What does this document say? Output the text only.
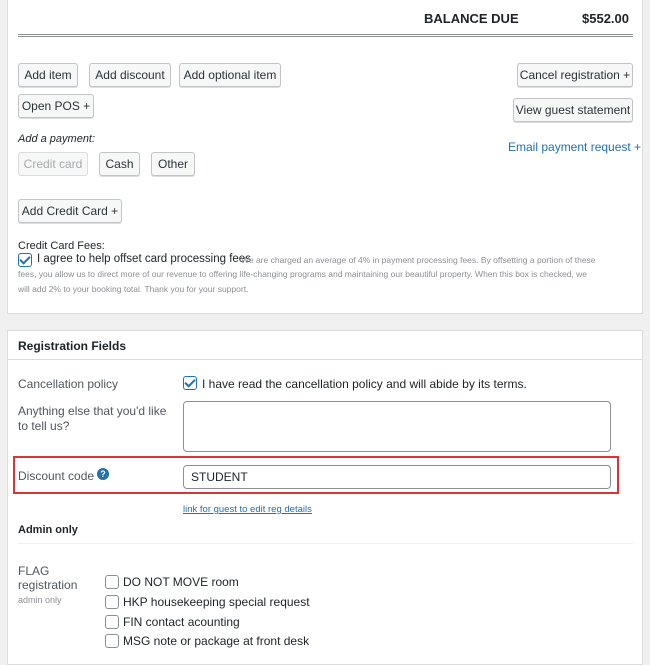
BALANCE DUE	$552.00
Add item	Add discount	Add optional item	Cancel registration +
Open POS +	View guest statement
Add a payment:
Email payment request +
Credit card	Cash	Other
Add Credit Card +
Credit Card Fees:
I agree to help offset card processing fees
We are charged an average of 4% in payment processing fees. By offsetting a portion of these
fees, you allow us to direct more of our revenue to offering life-changing programs and maintaining our beautiful property. When this box is checked, we
will add 2% to your booking total. Thank you for your support.
Registration Fields
Cancellation policy	I have read the cancellation policy and will abide by its terms.
Anything else that you'd like
to tell us?
Discount code ?	STUDENT
link for guest to edit reg details
Admin only
FLAG
registration
admin only
DO NOT MOVE room
HKP housekeeping special request
FIN contact acounting
MSG note or package at front desk
